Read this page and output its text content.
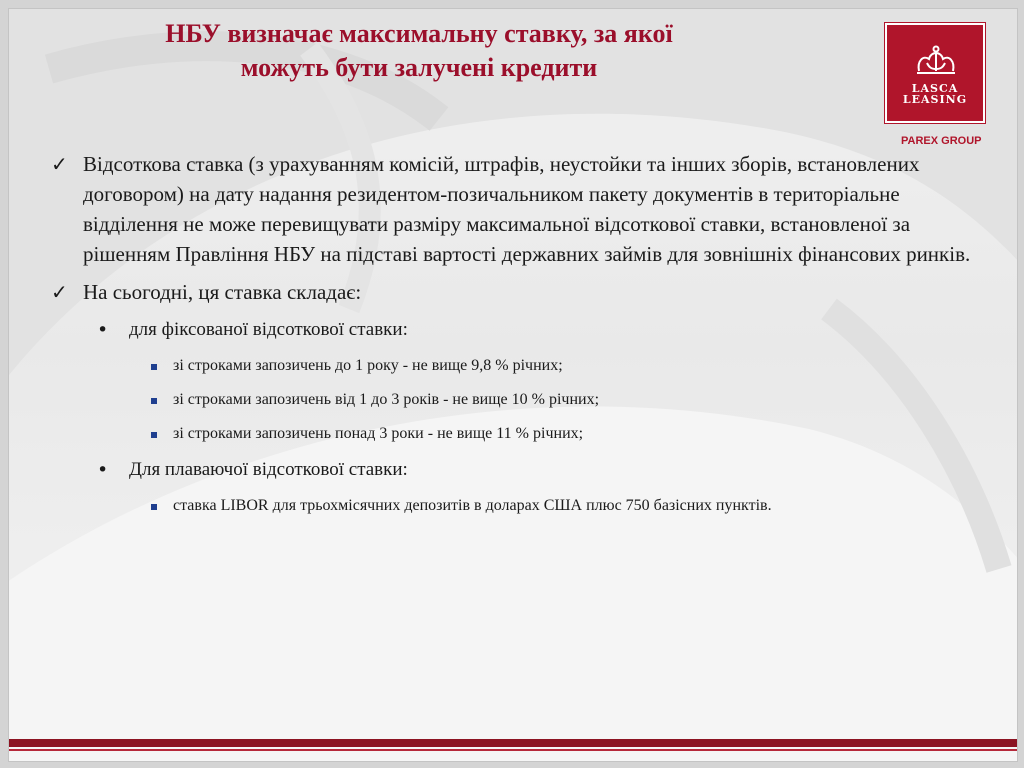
НБУ визначає максимальну ставку, за якої
можуть бути залучені кредити
LASCA
LEASING
PAREX GROUP
✓ Відсоткова ставка (з урахуванням комісій, штрафів, неустойки та інших зборів, встановлених договором) на дату надання резидентом-позичальником пакету документів в територіальне відділення не може перевищувати разміру максимальної відсоткової ставки, встановленої за рішенням Правління НБУ на підставі вартості державних займів для зовнішніх фінансових ринків.
✓ На сьогодні, ця ставка складає:
• для фіксованої відсоткової ставки:
зі строками запозичень до 1 року - не вище 9,8 % річних;
зі строками запозичень від 1 до 3 років - не вище 10 % річних;
зі строками запозичень понад 3 роки - не вище 11 % річних;
• Для плаваючої відсоткової ставки:
ставка LIBOR для трьохмісячних депозитів в доларах США плюс 750 базісних пунктів.
